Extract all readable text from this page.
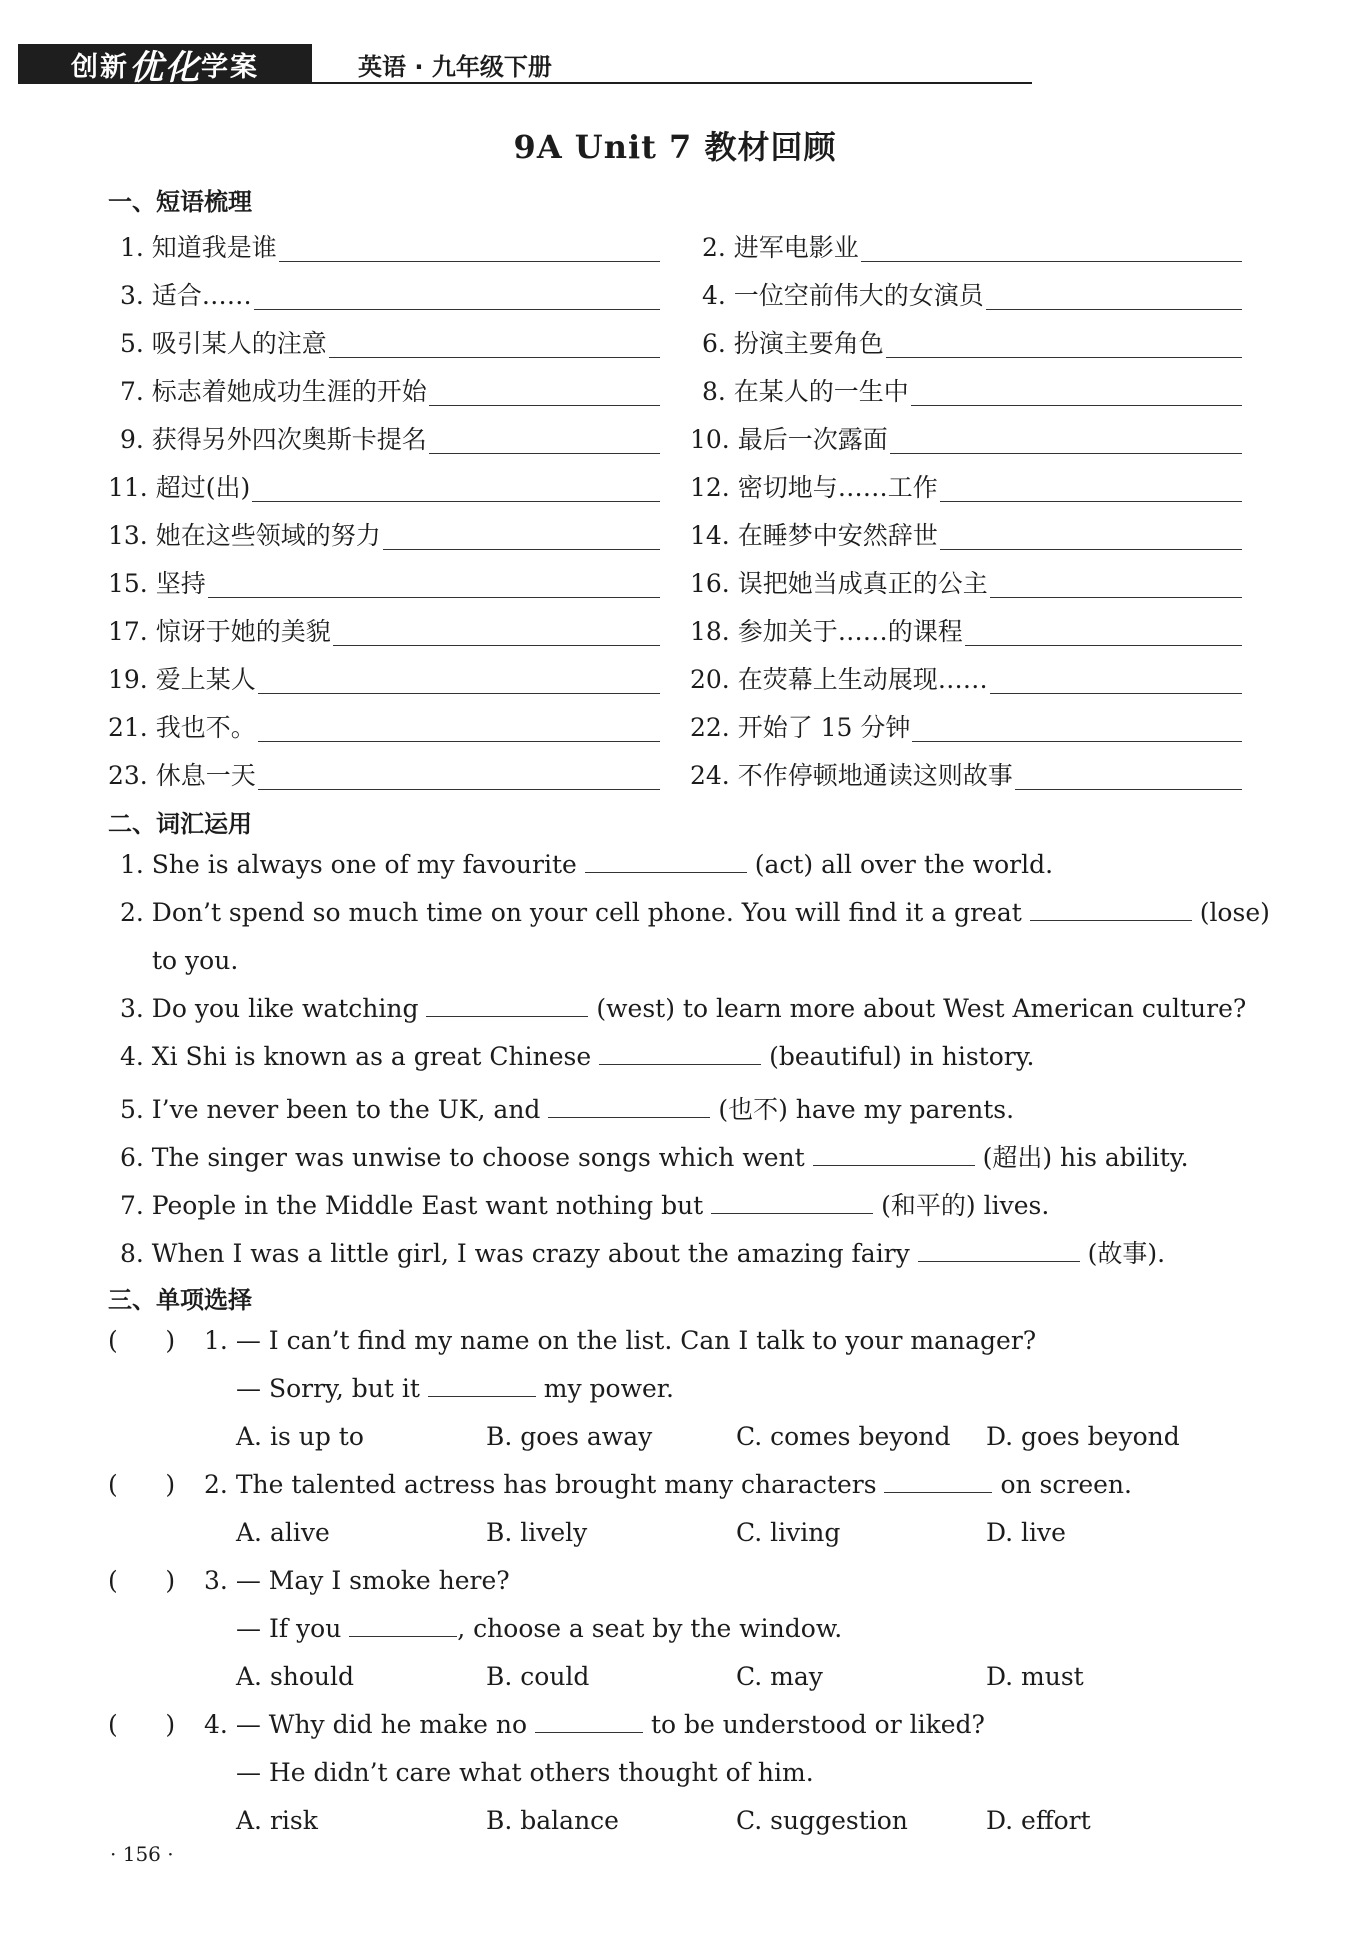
创新 优化 学案	英语 · 九年级下册
9A Unit 7 教材回顾
一、短语梳理
1. 知道我是谁	2. 进军电影业
3. 适合……	4. 一位空前伟大的女演员
5. 吸引某人的注意	6. 扮演主要角色
7. 标志着她成功生涯的开始	8. 在某人的一生中
9. 获得另外四次奥斯卡提名	10. 最后一次露面
11. 超过(出)	12. 密切地与……工作
13. 她在这些领域的努力	14. 在睡梦中安然辞世
15. 坚持	16. 误把她当成真正的公主
17. 惊讶于她的美貌	18. 参加关于……的课程
19. 爱上某人	20. 在荧幕上生动展现……
21. 我也不。	22. 开始了 15 分钟
23. 休息一天	24. 不作停顿地通读这则故事
二、词汇运用
1. She is always one of my favourite	(act) all over the world.
2. Don’t spend so much time on your cell phone. You will find it a great	(lose)
to you.
3. Do you like watching	(west) to learn more about West American culture?
4. Xi Shi is known as a great Chinese	(beautiful) in history.
5. I’ve never been to the UK, and	(也不) have my parents.
6. The singer was unwise to choose songs which went	(超出) his ability.
7. People in the Middle East want nothing but	(和平的) lives.
8. When I was a little girl, I was crazy about the amazing fairy	(故事).
三、单项选择
(      ) 1. — I can’t find my name on the list. Can I talk to your manager?
— Sorry, but it	my power.
A. is up to	B. goes away	C. comes beyond D. goes beyond
(      ) 2. The talented actress has brought many characters	on screen.
A. alive	B. lively	C. living	D. live
(      ) 3. — May I smoke here?
— If you	, choose a seat by the window.
A. should	B. could	C. may	D. must
(      ) 4. — Why did he make no	to be understood or liked?
— He didn’t care what others thought of him.
A. risk	B. balance	C. suggestion	D. effort
· 156 ·
